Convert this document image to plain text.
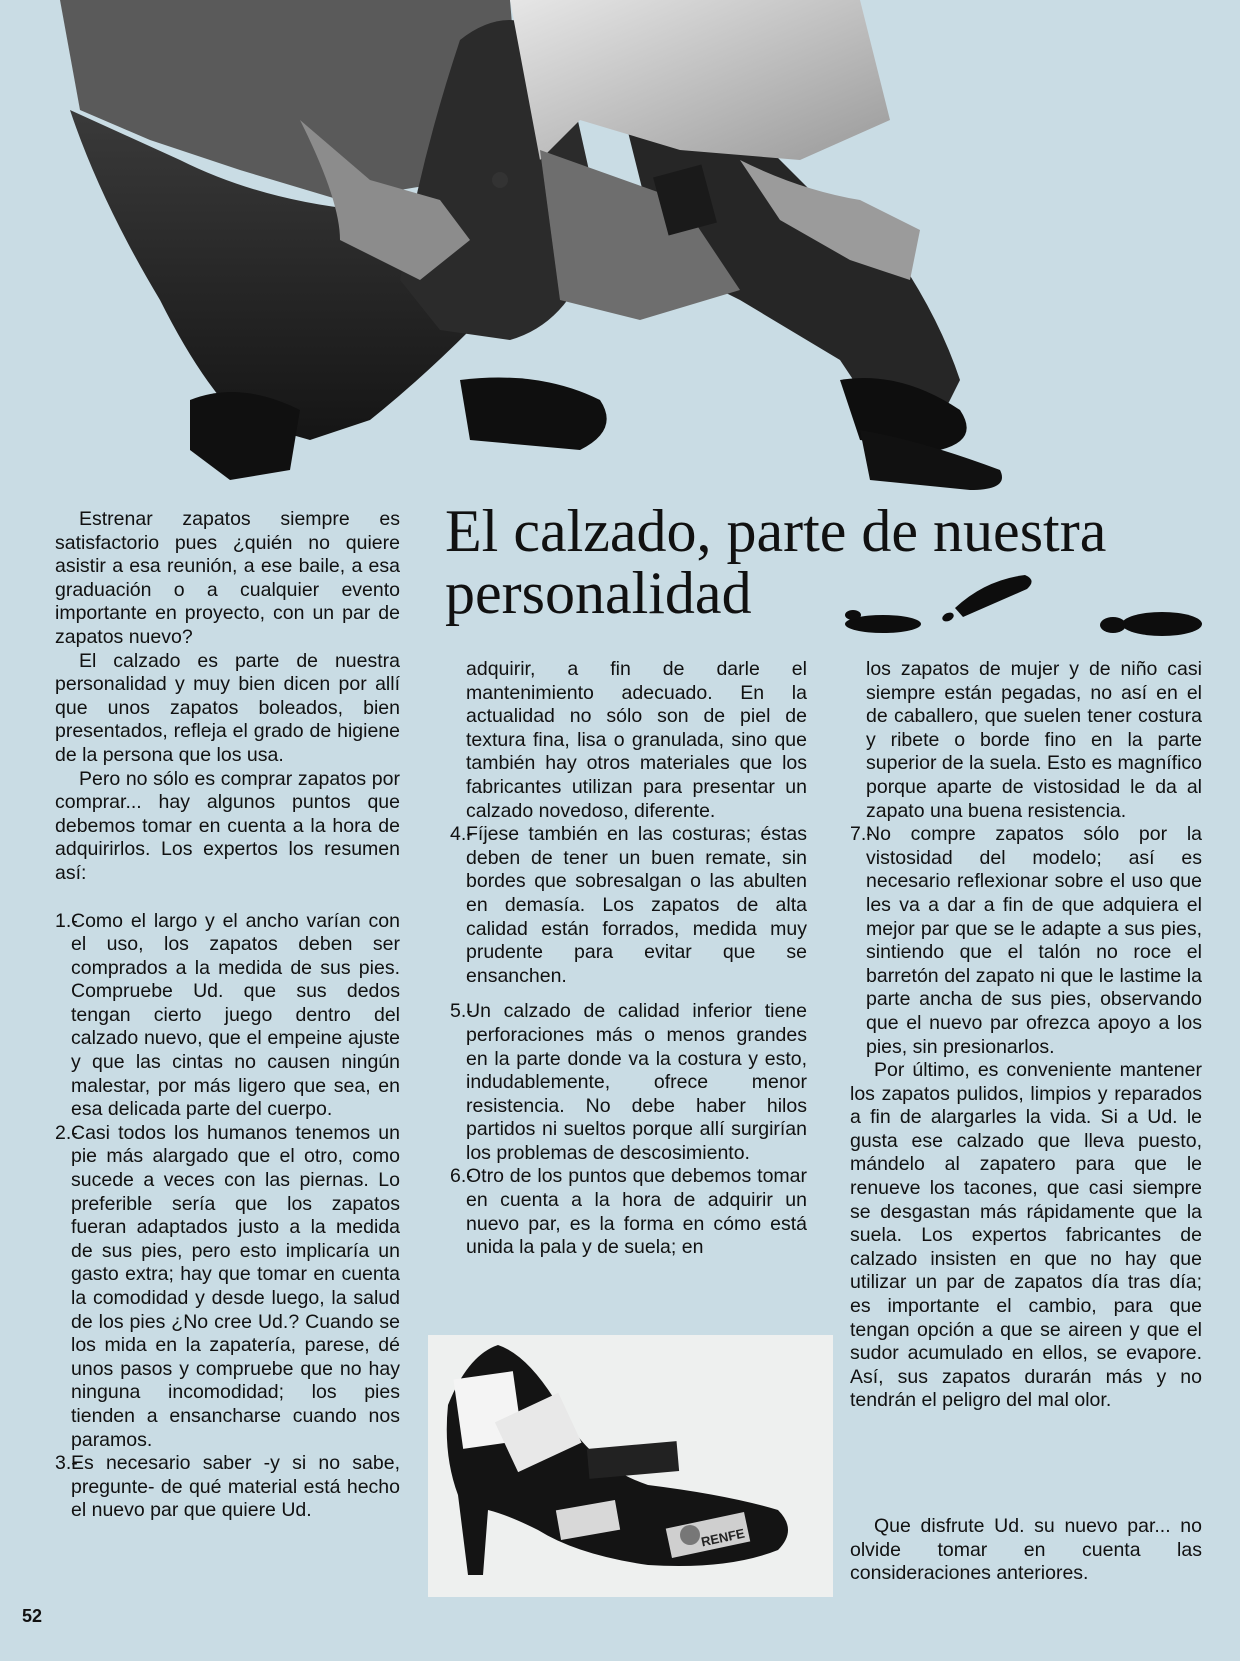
El calzado, parte de nuestra
personalidad

Estrenar zapatos siempre es satisfactorio pues ¿quién no quiere asistir a esa reunión, a ese baile, a esa graduación o a cualquier evento importante en proyecto, con un par de zapatos nuevo?

El calzado es parte de nuestra personalidad y muy bien dicen por allí que unos zapatos boleados, bien presentados, refleja el grado de higiene de la persona que los usa.

Pero no sólo es comprar zapatos por comprar... hay algunos puntos que debemos tomar en cuenta a la hora de adquirirlos. Los expertos los resumen así:

1.-
Como el largo y el ancho varían con el uso, los zapatos deben ser comprados a la medida de sus pies. Compruebe Ud. que sus dedos tengan cierto juego dentro del calzado nuevo, que el empeine ajuste y que las cintas no causen ningún malestar, por más ligero que sea, en esa delicada parte del cuerpo.

2.-
Casi todos los humanos tenemos un pie más alargado que el otro, como sucede a veces con las piernas. Lo preferible sería que los zapatos fueran adaptados justo a la medida de sus pies, pero esto implicaría un gasto extra; hay que tomar en cuenta la comodidad y desde luego, la salud de los pies ¿No cree Ud.? Cuando se los mida en la zapatería, parese, dé unos pasos y compruebe que no hay ninguna incomodidad; los pies tienden a ensancharse cuando nos paramos.

3.-
Es necesario saber -y si no sabe, pregunte- de qué material está hecho el nuevo par que quiere Ud.

adquirir, a fin de darle el mantenimiento adecuado. En la actualidad no sólo son de piel de textura fina, lisa o granulada, sino que también hay otros materiales que los fabricantes utilizan para presentar un calzado novedoso, diferente.

4.-
Fíjese también en las costuras; éstas deben de tener un buen remate, sin bordes que sobresalgan o las abulten en demasía. Los zapatos de alta calidad están forrados, medida muy prudente para evitar que se ensanchen.

5.-
Un calzado de calidad inferior tiene perforaciones más o menos grandes en la parte donde va la costura y esto, indudablemente, ofrece menor resistencia. No debe haber hilos partidos ni sueltos porque allí surgirían los problemas de descosimiento.

6.-
Otro de los puntos que debemos tomar en cuenta a la hora de adquirir un nuevo par, es la forma en cómo está unida la pala y de suela; en

los zapatos de mujer y de niño casi siempre están pegadas, no así en el de caballero, que suelen tener costura y ribete o borde fino en la parte superior de la suela. Esto es magnífico porque aparte de vistosidad le da al zapato una buena resistencia.

7.-
No compre zapatos sólo por la vistosidad del modelo; así es necesario reflexionar sobre el uso que les va a dar a fin de que adquiera el mejor par que se le adapte a sus pies, sintiendo que el talón no roce el barretón del zapato ni que le lastime la parte ancha de sus pies, observando que el nuevo par ofrezca apoyo a los pies, sin presionarlos.

Por último, es conveniente mantener los zapatos pulidos, limpios y reparados a fin de alargarles la vida. Si a Ud. le gusta ese calzado que lleva puesto, mándelo al zapatero para que le renueve los tacones, que casi siempre se desgastan más rápidamente que la suela. Los expertos fabricantes de calzado insisten en que no hay que utilizar un par de zapatos día tras día; es importante el cambio, para que tengan opción a que se aireen y que el sudor acumulado en ellos, se evapore. Así, sus zapatos durarán más y no tendrán el peligro del mal olor.

RENFE	Que disfrute Ud. su nuevo par... no olvide tomar en cuenta las consideraciones anteriores.

52
